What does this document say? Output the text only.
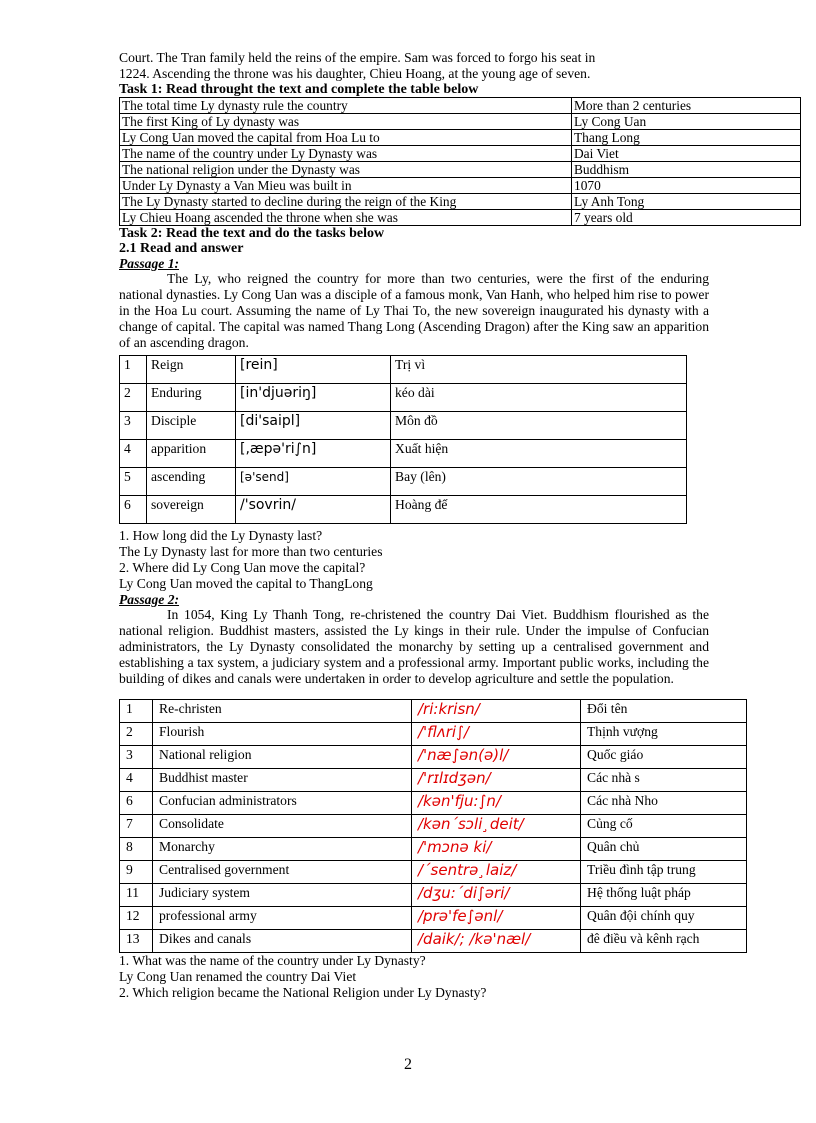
Court. The Tran family held the reins of the empire. Sam was forced to forgo his seat in

1224. Ascending the throne was his daughter, Chieu Hoang, at the young age of seven.

Task 1: Read throught the text and complete the table below

The total time Ly dynasty rule the country	More than 2 centuries
The first King of Ly dynasty was	Ly Cong Uan
Ly Cong Uan moved the capital from Hoa Lu to	Thang Long
The name of the country under Ly Dynasty was	Dai Viet
The national religion under the Dynasty was	Buddhism
Under Ly Dynasty a Van Mieu was built in	1070
The Ly Dynasty started to decline during the reign of the King	Ly Anh Tong
Ly Chieu Hoang ascended the throne when she was	7 years old

Task 2: Read the text and do the tasks below

2.1 Read and answer

Passage 1:

The Ly, who reigned the country for more than two centuries, were the first of the enduring national dynasties. Ly Cong Uan was a disciple of a famous monk, Van Hanh, who helped him rise to power in the Hoa Lu court. Assuming the name of Ly Thai To, the new sovereign inaugurated his dynasty with a change of capital. The capital was named Thang Long (Ascending Dragon) after the King saw an apparition of an ascending dragon.

1	Reign	[rein]	Trị vì
2	Enduring	[in'djuəriŋ]	kéo dài
3	Disciple	[di'saipl]	Môn đồ
4	apparition	[,æpə'ri∫n]	Xuất hiện
5	ascending	[ə'send]	Bay (lên)
6	sovereign	/'sovrin/	Hoàng đế

1. How long did the Ly Dynasty last?

The Ly Dynasty last for more than two centuries

2. Where did Ly Cong Uan move the capital?

Ly Cong Uan moved the capital to ThangLong

Passage 2:

In 1054, King Ly Thanh Tong, re-christened the country Dai Viet. Buddhism flourished as the national religion. Buddhist masters, assisted the Ly kings in their rule. Under the impulse of Confucian administrators, the Ly Dynasty consolidated the monarchy by setting up a centralised government and establishing a tax system, a judiciary system and a professional army. Important public works, including the building of dikes and canals were undertaken in order to develop agriculture and settle the population.

1	Re-christen	/ri:krisn/	Đổi tên
2	Flourish	/'flʌri∫/	Thịnh vượng
3	National religion	/'næ∫ən(ə)l/	Quốc giáo
4	Buddhist master	/'rɪlɪdʒən/	Các nhà s
6	Confucian administrators	/kən'fju:∫n/	Các nhà Nho
7	Consolidate	/kən´sɔli¸deit/	Củng cố
8	Monarchy	/'mɔnə ki/	Quân chủ
9	Centralised government	/´sentrə¸laiz/	Triều đình tập trung
11	Judiciary system	/dʒu:´di∫əri/	Hệ thống luật pháp
12	professional army	/prə'fe∫ənl/	Quân đội chính quy
13	Dikes and canals	/daik/; /kə'næl/	đê điều và kênh rạch

1. What was the name of the country under Ly Dynasty?

Ly Cong Uan renamed the country Dai Viet

2. Which religion became the National Religion under Ly Dynasty?

2
